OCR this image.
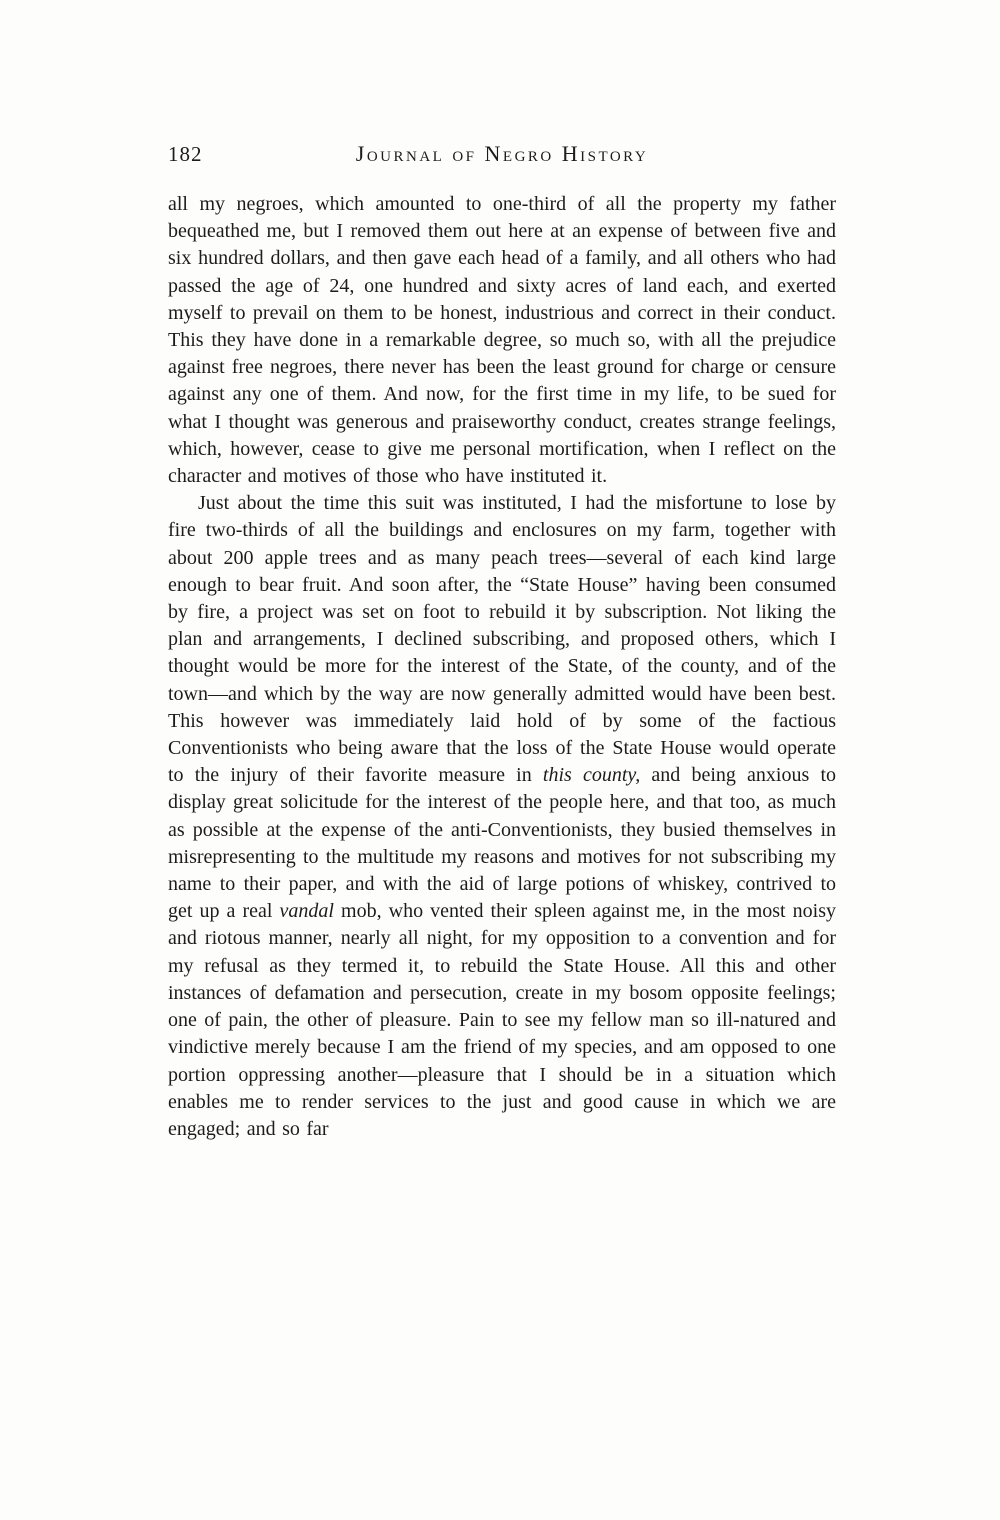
182	Journal of Negro History

all my negroes, which amounted to one-third of all the property my father bequeathed me, but I removed them out here at an expense of between five and six hundred dollars, and then gave each head of a family, and all others who had passed the age of 24, one hundred and sixty acres of land each, and exerted myself to prevail on them to be honest, industrious and correct in their conduct. This they have done in a remarkable degree, so much so, with all the prejudice against free negroes, there never has been the least ground for charge or censure against any one of them. And now, for the first time in my life, to be sued for what I thought was generous and praiseworthy conduct, creates strange feelings, which, however, cease to give me personal mortification, when I reflect on the character and motives of those who have instituted it.

Just about the time this suit was instituted, I had the misfortune to lose by fire two-thirds of all the buildings and enclosures on my farm, together with about 200 apple trees and as many peach trees—several of each kind large enough to bear fruit. And soon after, the “State House” having been consumed by fire, a project was set on foot to rebuild it by subscription. Not liking the plan and arrangements, I declined subscribing, and proposed others, which I thought would be more for the interest of the State, of the county, and of the town—and which by the way are now generally admitted would have been best. This however was immediately laid hold of by some of the factious Conventionists who being aware that the loss of the State House would operate to the injury of their favorite measure in this county, and being anxious to display great solicitude for the interest of the people here, and that too, as much as possible at the expense of the anti-Conventionists, they busied themselves in misrepresenting to the multitude my reasons and motives for not subscribing my name to their paper, and with the aid of large potions of whiskey, contrived to get up a real vandal mob, who vented their spleen against me, in the most noisy and riotous manner, nearly all night, for my opposition to a convention and for my refusal as they termed it, to rebuild the State House. All this and other instances of defamation and persecution, create in my bosom opposite feelings; one of pain, the other of pleasure. Pain to see my fellow man so ill-natured and vindictive merely because I am the friend of my species, and am opposed to one portion oppressing another—pleasure that I should be in a situation which enables me to render services to the just and good cause in which we are engaged; and so far
